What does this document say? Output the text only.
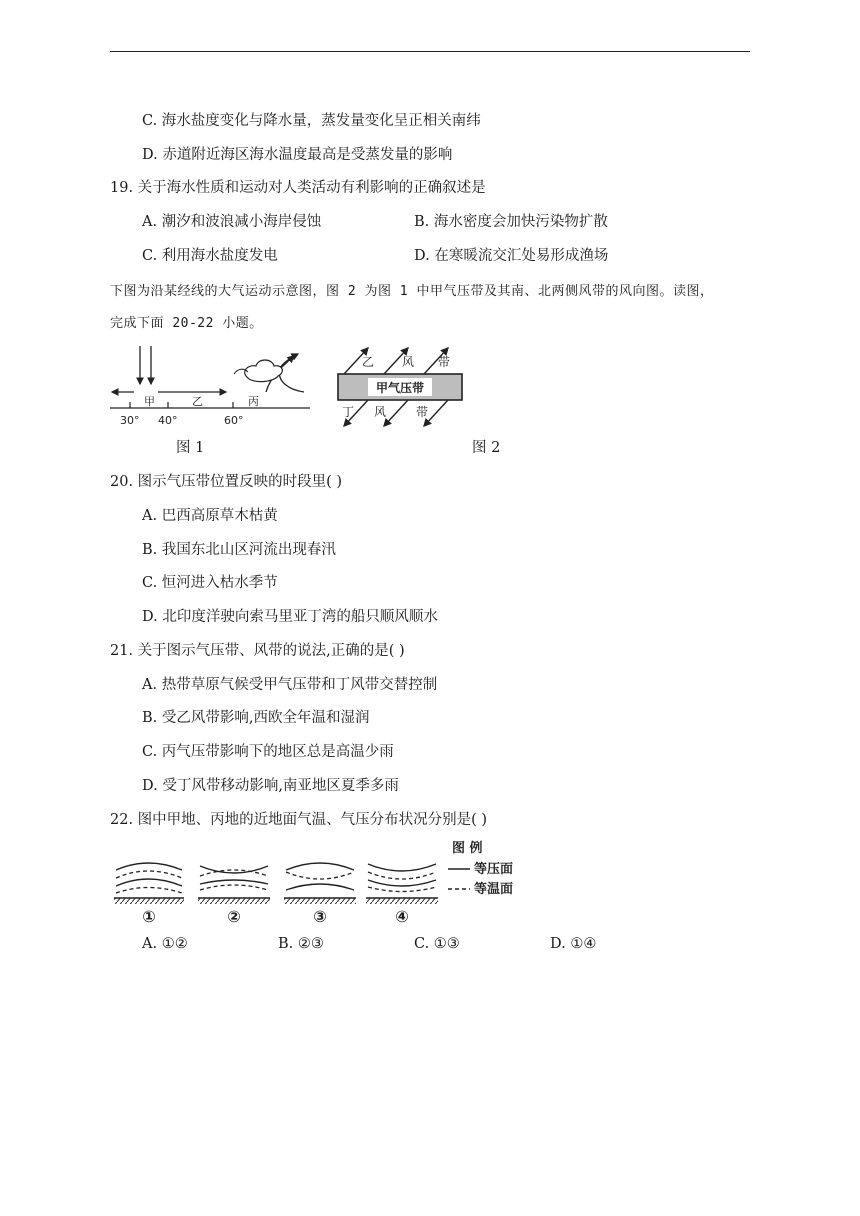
C. 海水盐度变化与降水量，蒸发量变化呈正相关南纬
D. 赤道附近海区海水温度最高是受蒸发量的影响
19. 关于海水性质和运动对人类活动有利影响的正确叙述是
A. 潮汐和波浪减小海岸侵蚀	B. 海水密度会加快污染物扩散
C. 利用海水盐度发电	D. 在寒暖流交汇处易形成渔场
下图为沿某经线的大气运动示意图，图 2 为图 1 中甲气压带及其南、北两侧风带的风向图。读图，
完成下面 20-22 小题。
甲	乙	丙
30° 40°	60°
图 1
甲气压带
乙 风 带
丁 风 带
图 2
20. 图示气压带位置反映的时段里( )
A. 巴西高原草木枯黄
B. 我国东北山区河流出现春汛
C. 恒河进入枯水季节
D. 北印度洋驶向索马里亚丁湾的船只顺风顺水
21. 关于图示气压带、风带的说法,正确的是( )
A. 热带草原气候受甲气压带和丁风带交替控制
B. 受乙风带影响,西欧全年温和湿润
C. 丙气压带影响下的地区总是高温少雨
D. 受丁风带移动影响,南亚地区夏季多雨
22. 图中甲地、丙地的近地面气温、气压分布状况分别是( )
①	②	③	④
图 例
等压面
等温面
A. ①②	B. ②③	C. ①③	D. ①④
